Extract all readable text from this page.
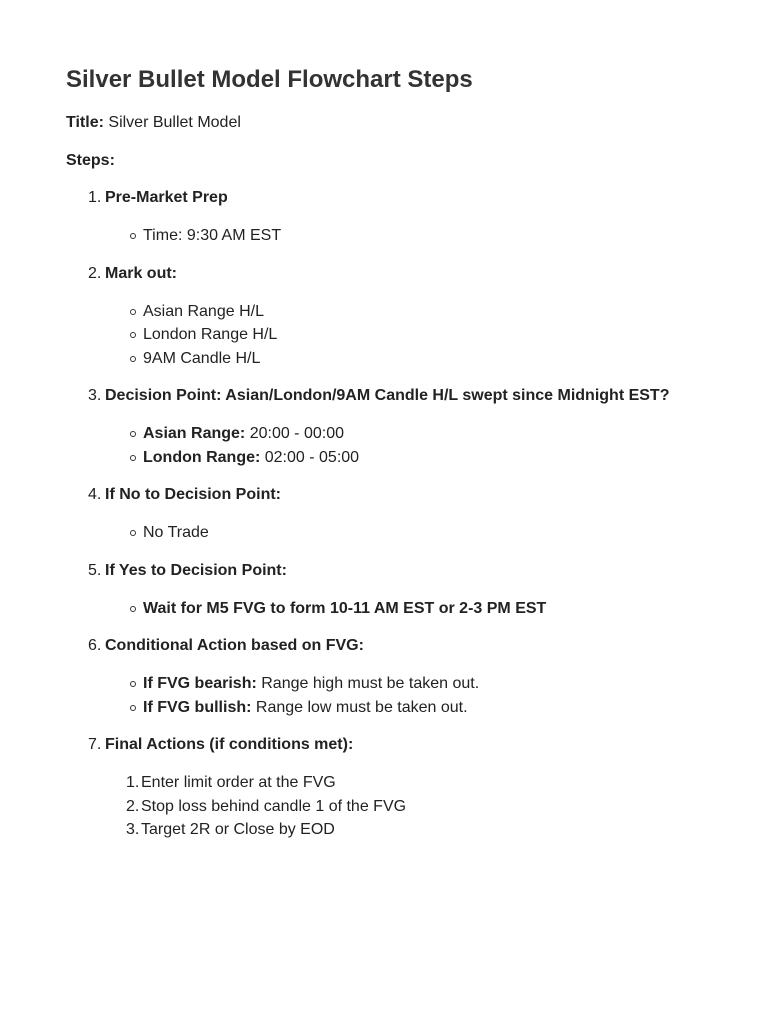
Silver Bullet Model Flowchart Steps

Title: Silver Bullet Model

Steps:

1. Pre-Market Prep
Time: 9:30 AM EST
2. Mark out:
Asian Range H/L
London Range H/L
9AM Candle H/L
3. Decision Point: Asian/London/9AM Candle H/L swept since Midnight EST?
Asian Range: 20:00 - 00:00
London Range: 02:00 - 05:00
4. If No to Decision Point:
No Trade
5. If Yes to Decision Point:
Wait for M5 FVG to form 10-11 AM EST or 2-3 PM EST
6. Conditional Action based on FVG:
If FVG bearish: Range high must be taken out.
If FVG bullish: Range low must be taken out.
7. Final Actions (if conditions met):
1. Enter limit order at the FVG
2. Stop loss behind candle 1 of the FVG
3. Target 2R or Close by EOD
